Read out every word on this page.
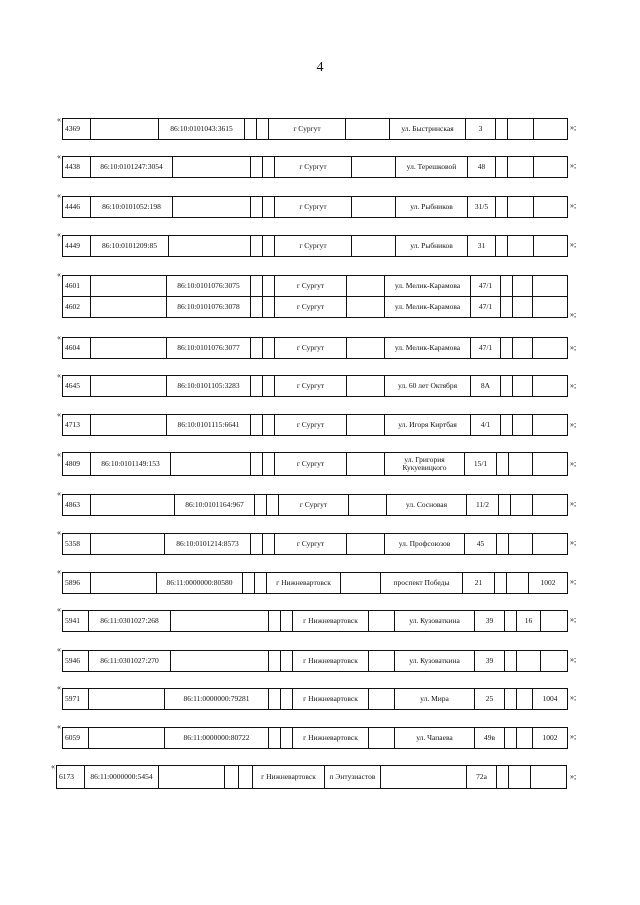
4
«
4369		86:10:0101043:3615			г Сургут		ул. Быстринская	3				»;
«
4438	86:10:0101247:3054				г Сургут		ул. Терешковой	48				»;
«
4446	86:10:0101052:198				г Сургут		ул. Рыбников	31/5				»;
«
4449	86:10:0101209:85				г Сургут		ул. Рыбников	31				»;
«
4601		86:10:0101076:3075			г Сургут		ул. Мелик-Карамова	47/1			
4602		86:10:0101076:3078			г Сургут		ул. Мелик-Карамова	47/1			
»;
«
4604		86:10:0101076:3077			г Сургут		ул. Мелик-Карамова	47/1				»;
«
4645		86:10:0101105:3283			г Сургут		ул. 60 лет Октября	8А				»;
«
4713		86:10:0101115:6641			г Сургут		ул. Игоря Киртбая	4/1				»;
«
4809	86:10:0101149:153				г Сургут		ул. Григория Кукуевицкого	15/1				»;
«
4863		86:10:0101164:967			г Сургут		ул. Сосновая	11/2				»;
«
5358		86:10:0101214:8573			г Сургут		ул. Профсоюзов	45				»;
«
5896		86:11:0000000:80580			г Нижневартовск		проспект Победы	21			1002 »;
«
5941	86:11:0301027:268				г Нижневартовск		ул. Кузоваткина	39		16		»;
«
5946	86:11:0301027:270				г Нижневартовск		ул. Кузоваткина	39				»;
«
5971		86:11:0000000:79281			г Нижневартовск		ул. Мира	25			1004 »;
«
6059		86:11:0000000:80722			г Нижневартовск		ул. Чапаева	49в			1002 »;
«
6173	86:11:0000000:5454				г Нижневартовск	п Энтузиастов		72а				»;
